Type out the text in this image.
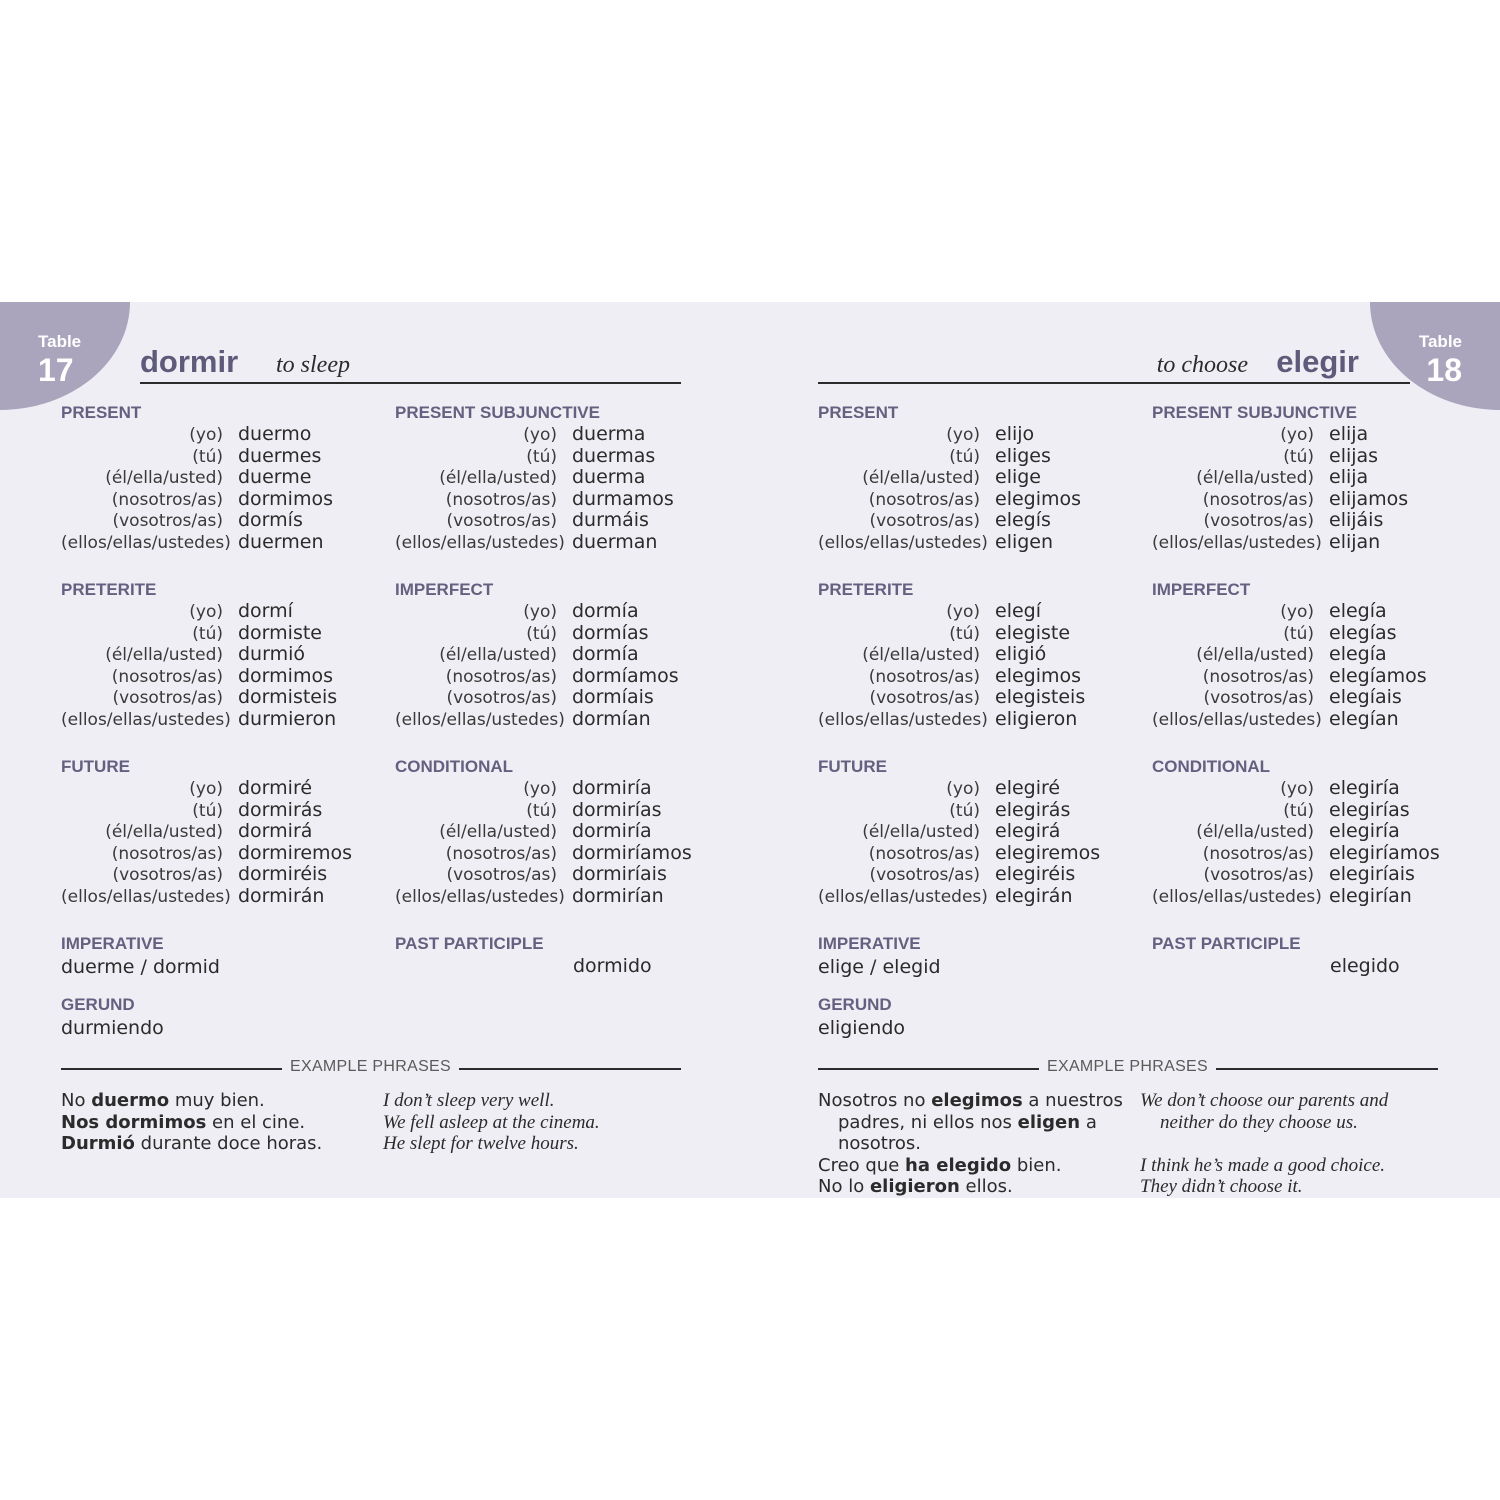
Table
17 dormir to sleep
PRESENT
(yo) duermo
(tú) duermes
(él/ella/usted) duerme
(nosotros/as) dormimos
(vosotros/as) dormís
(ellos/ellas/ustedes) duermen
PRESENT SUBJUNCTIVE
(yo) duerma
(tú) duermas
(él/ella/usted) duerma
(nosotros/as) durmamos
(vosotros/as) durmáis
(ellos/ellas/ustedes) duerman
PRETERITE
(yo) dormí
(tú) dormiste
(él/ella/usted) durmió
(nosotros/as) dormimos
(vosotros/as) dormisteis
(ellos/ellas/ustedes) durmieron
IMPERFECT
(yo) dormía
(tú) dormías
(él/ella/usted) dormía
(nosotros/as) dormíamos
(vosotros/as) dormíais
(ellos/ellas/ustedes) dormían
FUTURE
(yo) dormiré
(tú) dormirás
(él/ella/usted) dormirá
(nosotros/as) dormiremos
(vosotros/as) dormiréis
(ellos/ellas/ustedes) dormirán
CONDITIONAL
(yo) dormiría
(tú) dormirías
(él/ella/usted) dormiría
(nosotros/as) dormiríamos
(vosotros/as) dormiríais
(ellos/ellas/ustedes) dormirían
IMPERATIVE
duerme / dormid
PAST PARTICIPLE
dormido
GERUND
durmiendo
EXAMPLE PHRASES
No duermo muy bien.
Nos dormimos en el cine.
Durmió durante doce horas.
I don’t sleep very well.
We fell asleep at the cinema.
He slept for twelve hours.
Table
18
to choose elegir
PRESENT
(yo) elijo
(tú) eliges
(él/ella/usted) elige
(nosotros/as) elegimos
(vosotros/as) elegís
(ellos/ellas/ustedes) eligen
PRESENT SUBJUNCTIVE
(yo) elija
(tú) elijas
(él/ella/usted) elija
(nosotros/as) elijamos
(vosotros/as) elijáis
(ellos/ellas/ustedes) elijan
PRETERITE
(yo) elegí
(tú) elegiste
(él/ella/usted) eligió
(nosotros/as) elegimos
(vosotros/as) elegisteis
(ellos/ellas/ustedes) eligieron
IMPERFECT
(yo) elegía
(tú) elegías
(él/ella/usted) elegía
(nosotros/as) elegíamos
(vosotros/as) elegíais
(ellos/ellas/ustedes) elegían
FUTURE
(yo) elegiré
(tú) elegirás
(él/ella/usted) elegirá
(nosotros/as) elegiremos
(vosotros/as) elegiréis
(ellos/ellas/ustedes) elegirán
CONDITIONAL
(yo) elegiría
(tú) elegirías
(él/ella/usted) elegiría
(nosotros/as) elegiríamos
(vosotros/as) elegiríais
(ellos/ellas/ustedes) elegirían
IMPERATIVE
elige / elegid
PAST PARTICIPLE
elegido
GERUND
eligiendo
EXAMPLE PHRASES
Nosotros no elegimos a nuestros
padres, ni ellos nos eligen a
nosotros.
Creo que ha elegido bien.
No lo eligieron ellos.
We don’t choose our parents and
neither do they choose us.
I think he’s made a good choice.
They didn’t choose it.
